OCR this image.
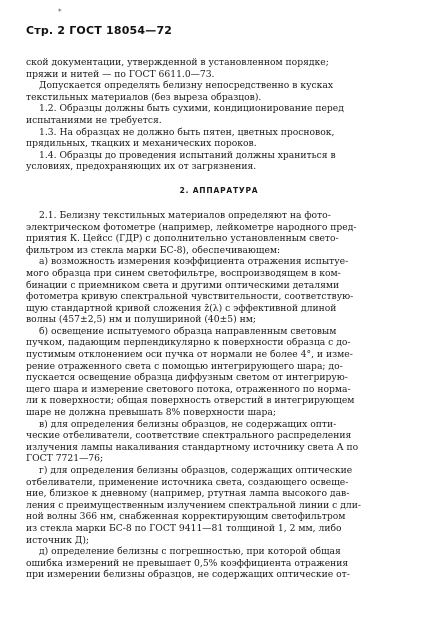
*
Стр. 2 ГОСТ 18054—72
ской документации, утвержденной в установленном порядке;
пряжи и нитей — по ГОСТ 6611.0—73.
Допускается определять белизну непосредственно в кусках
текстильных материалов (без выреза образцов).
1.2. Образцы должны быть сухими, кондиционирование перед
испытаниями не требуется.
1.3. На образцах не должно быть пятен, цветных просновок,
прядильных, ткацких и механических пороков.
1.4. Образцы до проведения испытаний должны храниться в
условиях, предохраняющих их от загрязнения.
2. АППАРАТУРА
2.1. Белизну текстильных материалов определяют на фото-
электрическом фотометре (например, лейкометре народного пред-
приятия К. Цейсс (ГДР) с дополнительно установленным свето-
фильтром из стекла марки БС-8), обеспечивающем:
а) возможность измерения коэффициента отражения испытуе-
мого образца при синем светофильтре, воспроизводящем в ком-
бинации с приемником света и другими оптическими деталями
фотометра кривую спектральной чувствительности, соответствую-
щую стандартной кривой сложения z̄(λ) с эффективной длиной
волны (457±2,5) нм и полушириной (40±5) нм;
б) освещение испытуемого образца направленным световым
пучком, падающим перпендикулярно к поверхности образца с до-
пустимым отклонением оси пучка от нормали не более 4°, и изме-
рение отраженного света с помощью интегрирующего шара; до-
пускается освещение образца диффузным светом от интегрирую-
щего шара и измерение светового потока, отраженного по норма-
ли к поверхности; общая поверхность отверстий в интегрирующем
шаре не должна превышать 8% поверхности шара;
в) для определения белизны образцов, не содержащих опти-
ческие отбеливатели, соответствие спектрального распределения
излучения лампы накаливания стандартному источнику света А по
ГОСТ 7721—76;
г) для определения белизны образцов, содержащих оптические
отбеливатели, применение источника света, создающего освеще-
ние, близкое к дневному (например, ртутная лампа высокого дав-
ления с преимущественным излучением спектральной линии с дли-
ной волны 366 нм, снабженная корректирующим светофильтром
из стекла марки БС-8 по ГОСТ 9411—81 толщиной 1, 2 мм, либо
источник Д);
д) определение белизны с погрешностью, при которой общая
ошибка измерений не превышает 0,5% коэффициента отражения
при измерении белизны образцов, не содержащих оптические от-
